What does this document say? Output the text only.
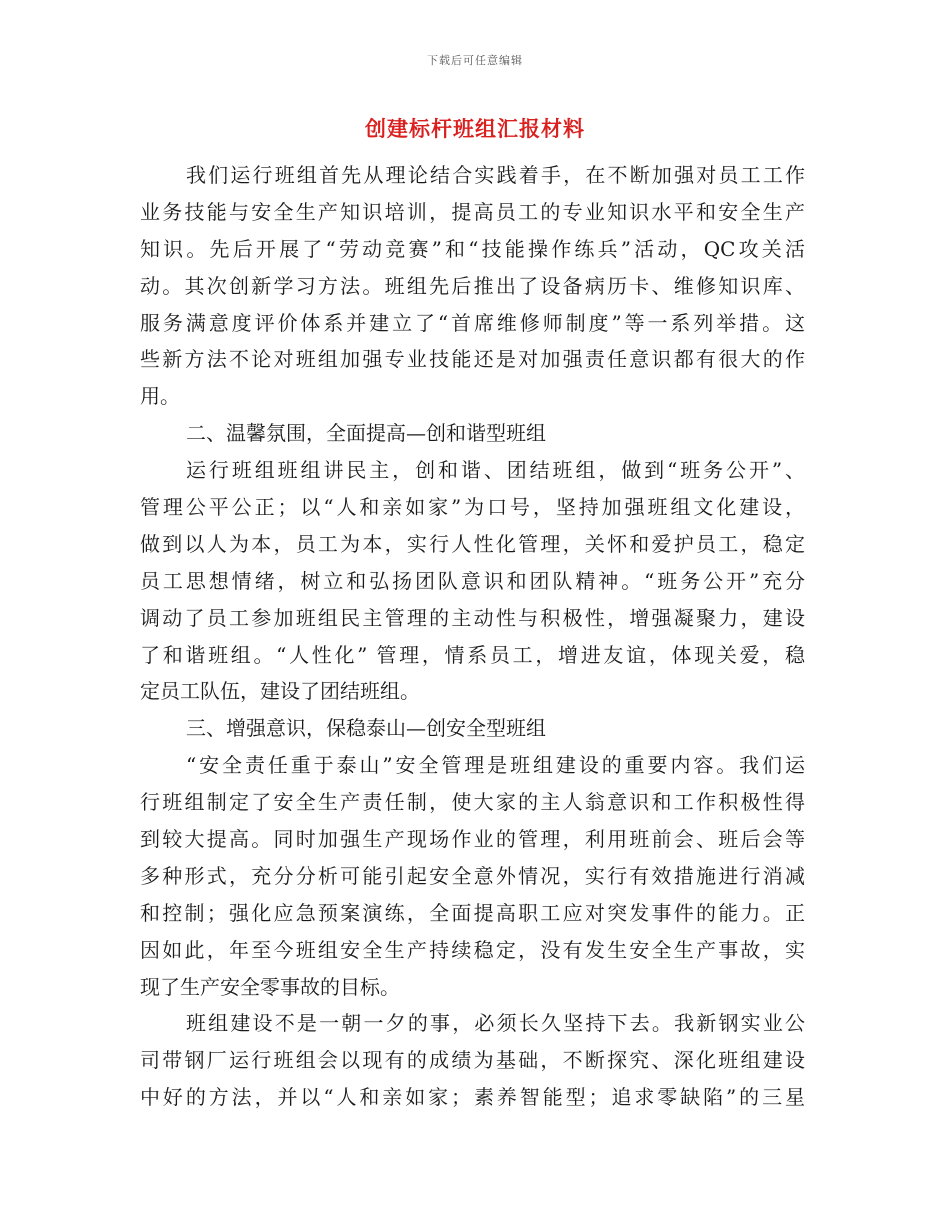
下载后可任意编辑
创建标杆班组汇报材料
我们运行班组首先从理论结合实践着手，在不断加强对员工工作
业务技能与安全生产知识培训，提高员工的专业知识水平和安全生产
知识。先后开展了“劳动竞赛”和“技能操作练兵”活动，QC攻关活
动。其次创新学习方法。班组先后推出了设备病历卡、维修知识库、
服务满意度评价体系并建立了“首席维修师制度”等一系列举措。这
些新方法不论对班组加强专业技能还是对加强责任意识都有很大的作
用。
二、温馨氛围，全面提高—创和谐型班组
运行班组班组讲民主，创和谐、团结班组，做到“班务公开”、
管理公平公正；以“人和亲如家”为口号，坚持加强班组文化建设，
做到以人为本，员工为本，实行人性化管理，关怀和爱护员工，稳定
员工思想情绪，树立和弘扬团队意识和团队精神。“班务公开”充分
调动了员工参加班组民主管理的主动性与积极性，增强凝聚力，建设
了和谐班组。“人性化” 管理，情系员工，增进友谊，体现关爱，稳
定员工队伍，建设了团结班组。
三、增强意识，保稳泰山—创安全型班组
“安全责任重于泰山”安全管理是班组建设的重要内容。我们运
行班组制定了安全生产责任制，使大家的主人翁意识和工作积极性得
到较大提高。同时加强生产现场作业的管理，利用班前会、班后会等
多种形式，充分分析可能引起安全意外情况，实行有效措施进行消减
和控制；强化应急预案演练，全面提高职工应对突发事件的能力。正
因如此，年至今班组安全生产持续稳定，没有发生安全生产事故，实
现了生产安全零事故的目标。
班组建设不是一朝一夕的事，必须长久坚持下去。我新钢实业公
司带钢厂运行班组会以现有的成绩为基础，不断探究、深化班组建设
中好的方法，并以“人和亲如家；素养智能型；追求零缺陷”的三星
